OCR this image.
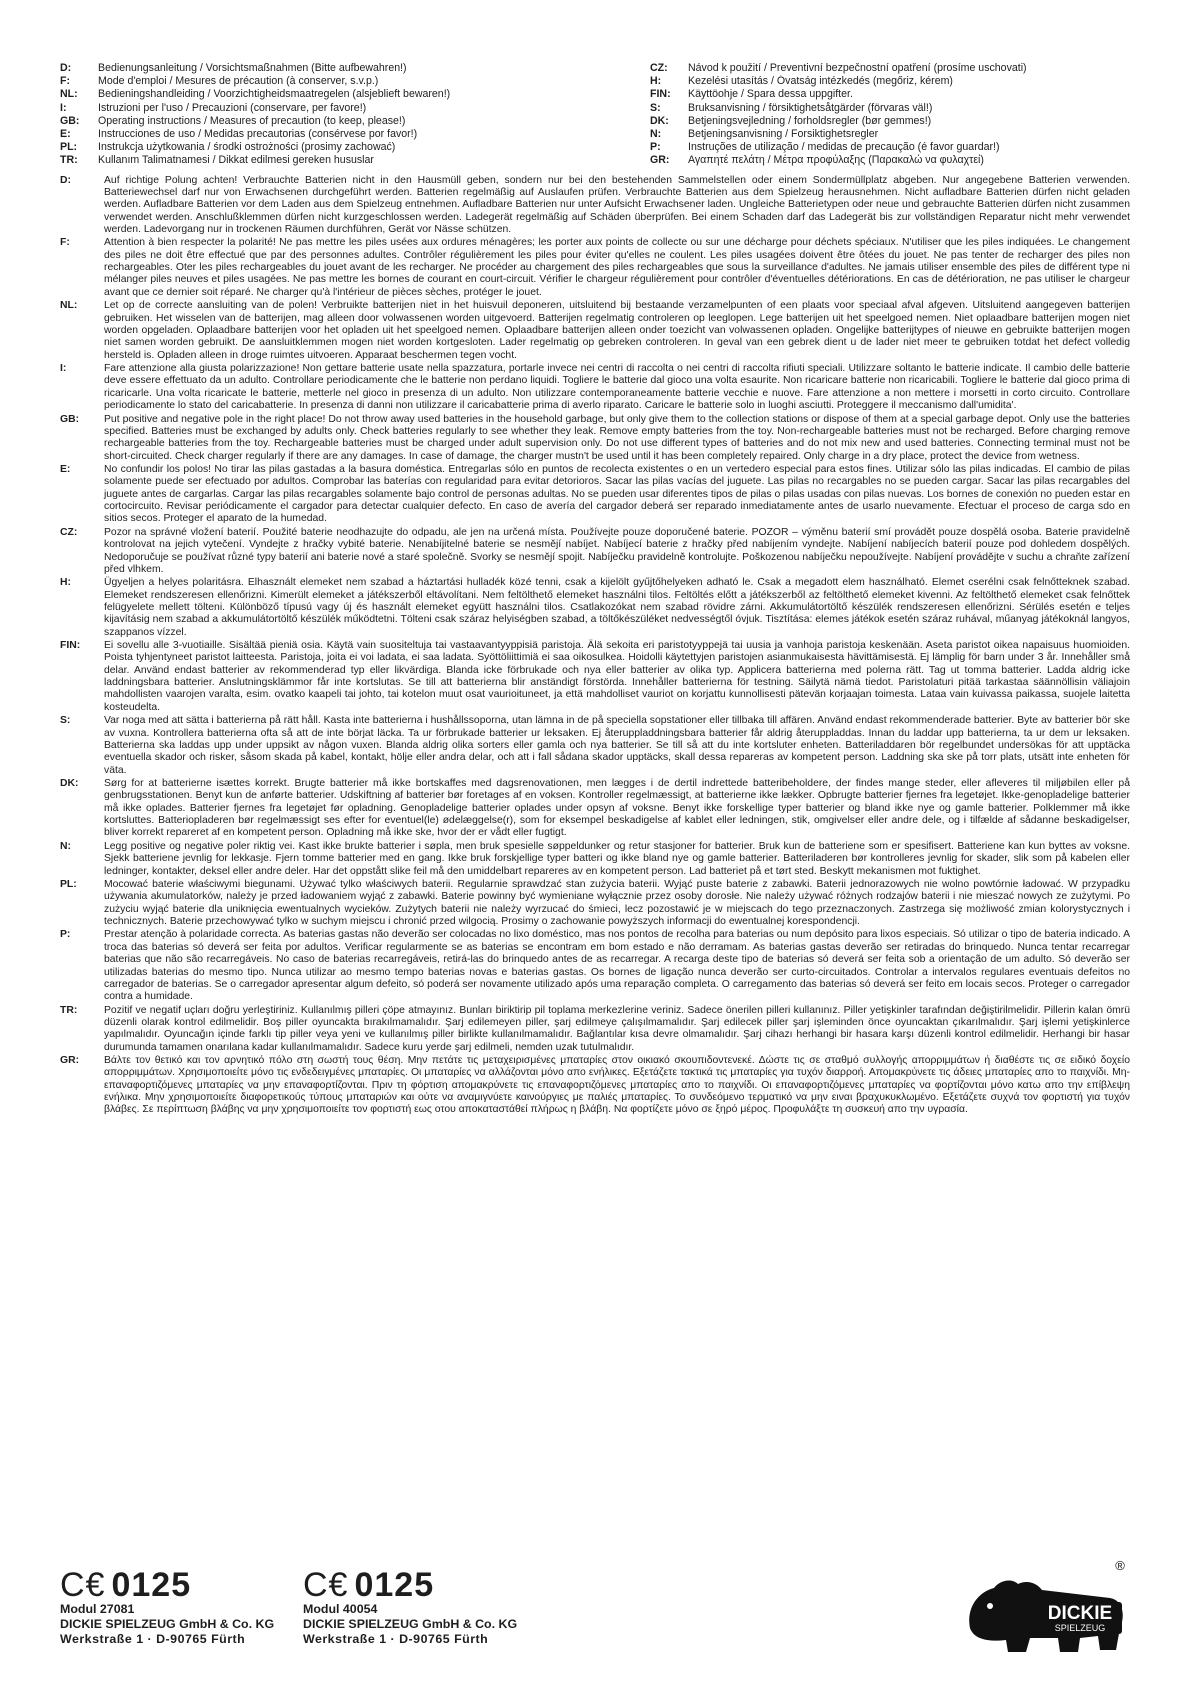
D:	Bedienungsanleitung / Vorsichtsmaßnahmen (Bitte aufbewahren!)
F:	Mode d'emploi / Mesures de précaution (à conserver, s.v.p.)
NL:	Bedieningshandleiding / Voorzichtigheidsmaatregelen (alsjeblieft bewaren!)
I:	Istruzioni per l'uso / Precauzioni (conservare, per favore!)
GB:	Operating instructions / Measures of precaution (to keep, please!)
E:	Instrucciones de uso / Medidas precautorias (consérvese por favor!)
PL:	Instrukcja użytkowania / środki ostrożności (prosimy zachować)
TR:	Kullanım Talimatnamesi / Dikkat edilmesi gereken hususlar
CZ:	Návod k použití / Preventivní bezpečnostní opatření (prosíme uschovati)
H:	Kezelési utasítás / Óvatság intézkedés (megőriz, kérem)
FIN:	Käyttöohje / Spara dessa uppgifter.
S:	Bruksanvisning / försiktighetsåtgärder (förvaras väl!)
DK:	Betjeningsvejledning / forholdsregler (bør gemmes!)
N:	Betjeningsanvisning / Forsiktighetsregler
P:	Instruções de utilização / medidas de precaução (é favor guardar!)
GR:	Αγαπητέ πελάτη / Μέτρα προφύλαξης (Παρακαλώ να φυλαχτεί)
D:	Auf richtige Polung achten! Verbrauchte Batterien nicht in den Hausmüll geben, sondern nur bei den bestehenden Sammelstellen oder einem Sondermüllplatz abgeben. Nur angegebene Batterien verwenden. Batteriewechsel darf nur von Erwachsenen durchgeführt werden. Batterien regelmäßig auf Auslaufen prüfen. Verbrauchte Batterien aus dem Spielzeug herausnehmen. Nicht aufladbare Batterien dürfen nicht geladen werden. Aufladbare Batterien vor dem Laden aus dem Spielzeug entnehmen. Aufladbare Batterien nur unter Aufsicht Erwachsener laden. Ungleiche Batterietypen oder neue und gebrauchte Batterien dürfen nicht zusammen verwendet werden. Anschlußklemmen dürfen nicht kurzgeschlossen werden. Ladegerät regelmäßig auf Schäden überprüfen. Bei einem Schaden darf das Ladegerät bis zur vollständigen Reparatur nicht mehr verwendet werden. Ladevorgang nur in trockenen Räumen durchführen, Gerät vor Nässe schützen.
F:	Attention à bien respecter la polarité! Ne pas mettre les piles usées aux ordures ménagères; les porter aux points de collecte ou sur une décharge pour déchets spéciaux. N'utiliser que les piles indiquées. Le changement des piles ne doit être effectué que par des personnes adultes. Contrôler régulièrement les piles pour éviter qu'elles ne coulent. Les piles usagées doivent être ôtées du jouet. Ne pas tenter de recharger des piles non rechargeables. Oter les piles rechargeables du jouet avant de les recharger. Ne procéder au chargement des piles rechargeables que sous la surveillance d'adultes. Ne jamais utiliser ensemble des piles de différent type ni mélanger piles neuves et piles usagées. Ne pas mettre les bornes de courant en court-circuit. Vérifier le chargeur régulièrement pour contrôler d'éventuelles détériorations. En cas de détérioration, ne pas utiliser le chargeur avant que ce dernier soit réparé. Ne charger qu'à l'intérieur de pièces sèches, protéger le jouet.
NL:	Let op de correcte aansluiting van de polen! Verbruikte batterijen niet in het huisvuil deponeren, uitsluitend bij bestaande verzamelpunten of een plaats voor speciaal afval afgeven. Uitsluitend aangegeven batterijen gebruiken. Het wisselen van de batterijen, mag alleen door volwassenen worden uitgevoerd. Batterijen regelmatig controleren op leeglopen. Lege batterijen uit het speelgoed nemen. Niet oplaadbare batterijen mogen niet worden opgeladen. Oplaadbare batterijen voor het opladen uit het speelgoed nemen. Oplaadbare batterijen alleen onder toezicht van volwassenen opladen. Ongelijke batterijtypes of nieuwe en gebruikte batterijen mogen niet samen worden gebruikt. De aansluitklemmen mogen niet worden kortgesloten. Lader regelmatig op gebreken controleren. In geval van een gebrek dient u de lader niet meer te gebruiken totdat het defect volledig hersteld is. Opladen alleen in droge ruimtes uitvoeren. Apparaat beschermen tegen vocht.
I:	Fare attenzione alla giusta polarizzazione! Non gettare batterie usate nella spazzatura, portarle invece nei centri di raccolta o nei centri di raccolta rifiuti speciali. Utilizzare soltanto le batterie indicate. Il cambio delle batterie deve essere effettuato da un adulto. Controllare periodicamente che le batterie non perdano liquidi. Togliere le batterie dal gioco una volta esaurite. Non ricaricare batterie non ricaricabili. Togliere le batterie dal gioco prima di ricaricarle. Una volta ricaricate le batterie, metterle nel gioco in presenza di un adulto. Non utilizzare contemporaneamente batterie vecchie e nuove. Fare attenzione a non mettere i morsetti in corto circuito. Controllare periodicamente lo stato del caricabatterie. In presenza di danni non utilizzare il caricabatterie prima di averlo riparato. Caricare le batterie solo in luoghi asciutti. Proteggere il meccanismo dall'umidita'.
GB:	Put positive and negative pole in the right place! Do not throw away used batteries in the household garbage, but only give them to the collection stations or dispose of them at a special garbage depot. Only use the batteries specified. Batteries must be exchanged by adults only. Check batteries regularly to see whether they leak. Remove empty batteries from the toy. Non-rechargeable batteries must not be recharged. Before charging remove rechargeable batteries from the toy. Rechargeable batteries must be charged under adult supervision only. Do not use different types of batteries and do not mix new and used batteries. Connecting terminal must not be short-circuited. Check charger regularly if there are any damages. In case of damage, the charger mustn't be used until it has been completely repaired. Only charge in a dry place, protect the device from wetness.
E:	No confundir los polos! No tirar las pilas gastadas a la basura doméstica. Entregarlas sólo en puntos de recolecta existentes o en un vertedero especial para estos fines. Utilizar sólo las pilas indicadas. El cambio de pilas solamente puede ser efectuado por adultos. Comprobar las baterías con regularidad para evitar detorioros. Sacar las pilas vacías del juguete. Las pilas no recargables no se pueden cargar. Sacar las pilas recargables del juguete antes de cargarlas. Cargar las pilas recargables solamente bajo control de personas adultas. No se pueden usar diferentes tipos de pilas o pilas usadas con pilas nuevas. Los bornes de conexión no pueden estar en cortocircuito. Revisar periódicamente el cargador para detectar cualquier defecto. En caso de avería del cargador deberá ser reparado inmediatamente antes de usarlo nuevamente. Efectuar el proceso de carga sdo en sitios secos. Proteger el aparato de la humedad.
CZ:	Pozor na správné vložení baterií. Použité baterie neodhazujte do odpadu, ale jen na určená místa. Používejte pouze doporučené baterie. POZOR – výměnu baterií smí provádět pouze dospělá osoba. Baterie pravidelně kontrolovat na jejich vytečení. Vyndejte z hračky vybité baterie. Nenabíjitelné baterie se nesmějí nabíjet. Nabíjecí baterie z hračky před nabíjením vyndejte. Nabíjení nabíjecích baterií pouze pod dohledem dospělých. Nedoporučuje se používat různé typy baterií ani baterie nové a staré společně. Svorky se nesmějí spojit. Nabíječku pravidelně kontrolujte. Poškozenou nabíječku nepoužívejte. Nabíjení provádějte v suchu a chraňte zařízení před vlhkem.
H:	Ügyeljen a helyes polaritásra. Elhasznált elemeket nem szabad a háztartási hulladék közé tenni, csak a kijelölt gyűjtőhelyeken adható le. Csak a megadott elem használható. Elemet cserélni csak felnőtteknek szabad. Elemeket rendszeresen ellenőrizni. Kimerült elemeket a játékszerből eltávolítani. Nem feltölthető elemeket használni tilos. Feltöltés előtt a játékszerből az feltölthető elemeket kivenni. Az feltölthető elemeket csak felnőttek felügyelete mellett tölteni. Különböző típusú vagy új és használt elemeket együtt használni tilos. Csatlakozókat nem szabad rövidre zárni. Akkumulátortöltő készülék rendszeresen ellenőrizni. Sérülés esetén e teljes kijavításig nem szabad a akkumulátortöltő készülék működtetni. Tölteni csak száraz helyiségben szabad, a töltőkészüléket nedvességtől óvjuk. Tisztítása: elemes játékok esetén száraz ruhával, műanyag játékoknál langyos, szappanos vízzel.
FIN:	Ei sovellu alle 3-vuotiaille. Sisältää pieniä osia. Käytä vain suositeltuja tai vastaavantyyppisiä paristoja. Älä sekoita eri paristotyyppejä tai uusia ja vanhoja paristoja keskenään. Aseta paristot oikea napaisuus huomioiden. Poista tyhjentyneet paristot laitteesta. Paristoja, joita ei voi ladata, ei saa ladata. Syöttöliittimiä ei saa oikosulkea. Hoidolli käytettyjen paristojen asianmukaisesta hävittämisestä. Ej lämplig för barn under 3 år. Innehåller små delar. Använd endast batterier av rekommenderad typ eller likvärdiga. Blanda icke förbrukade och nya eller batterier av olika typ. Applicera batterierna med polerna rätt. Tag ut tomma batterier. Ladda aldrig icke laddningsbara batterier. Anslutningsklämmor får inte kortslutas. Se till att batterierna blir anständigt förstörda. Innehåller batterierna för testning. Säilytä nämä tiedot. Paristolaturi pitää tarkastaa säännöllisin väliajoin mahdollisten vaarojen varalta, esim. ovatko kaapeli tai johto, tai kotelon muut osat vaurioituneet, ja että mahdolliset vauriot on korjattu kunnollisesti pätevän korjaajan toimesta. Lataa vain kuivassa paikassa, suojele laitetta kosteudelta.
S:	Var noga med att sätta i batterierna på rätt håll. Kasta inte batterierna i hushållssoporna, utan lämna in de på speciella sopstationer eller tillbaka till affären. Använd endast rekommenderade batterier. Byte av batterier bör ske av vuxna. Kontrollera batterierna ofta så att de inte börjat läcka. Ta ur förbrukade batterier ur leksaken. Ej återuppladdningsbara batterier får aldrig återuppladdas. Innan du laddar upp batterierna, ta ur dem ur leksaken. Batterierna ska laddas upp under uppsikt av någon vuxen. Blanda aldrig olika sorters eller gamla och nya batterier. Se till så att du inte kortsluter enheten. Batteriladdaren bör regelbundet undersökas för att upptäcka eventuella skador och risker, såsom skada på kabel, kontakt, hölje eller andra delar, och att i fall sådana skador upptäcks, skall dessa repareras av kompetent person. Laddning ska ske på torr plats, utsätt inte enheten för väta.
DK:	Sørg for at batterierne isættes korrekt. Brugte batterier må ikke bortskaffes med dagsrenovationen, men lægges i de dertil indrettede batteribeholdere, der findes mange steder, eller afleveres til miljøbilen eller på genbrugsstationen. Benyt kun de anførte batterier. Udskiftning af batterier bør foretages af en voksen. Kontroller regelmæssigt, at batterierne ikke lækker. Opbrugte batterier fjernes fra legetøjet. Ikke-genopladelige batterier må ikke oplades. Batterier fjernes fra legetøjet før opladning. Genopladelige batterier oplades under opsyn af voksne. Benyt ikke forskellige typer batterier og bland ikke nye og gamle batterier. Polklemmer må ikke kortsluttes. Batteriopladeren bør regelmæssigt ses efter for eventuel(le) ødelæggelse(r), som for eksempel beskadigelse af kablet eller ledningen, stik, omgivelser eller andre dele, og i tilfælde af sådanne beskadigelser, bliver korrekt repareret af en kompetent person. Opladning må ikke ske, hvor der er vådt eller fugtigt.
N:	Legg positive og negative poler riktig vei. Kast ikke brukte batterier i søpla, men bruk spesielle søppeldunker og retur stasjoner for batterier. Bruk kun de batteriene som er spesifisert. Batteriene kan kun byttes av voksne. Sjekk batteriene jevnlig for lekkasje. Fjern tomme batterier med en gang. Ikke bruk forskjellige typer batteri og ikke bland nye og gamle batterier. Batteriladeren bør kontrolleres jevnlig for skader, slik som på kabelen eller ledninger, kontakter, deksel eller andre deler. Har det oppstått slike feil må den umiddelbart repareres av en kompetent person. Lad batteriet på et tørt sted. Beskytt mekanismen mot fuktighet.
PL:	Mocować baterie właściwymi biegunami. Używać tylko właściwych baterii. Regularnie sprawdzać stan zużycia baterii. Wyjąć puste baterie z zabawki. Baterii jednorazowych nie wolno powtórnie ładować. W przypadku używania akumulatorków, należy je przed ładowaniem wyjąć z zabawki. Baterie powinny być wymieniane wyłącznie przez osoby dorosłe. Nie należy używać różnych rodzajów baterii i nie mieszać nowych ze zużytymi. Po zużyciu wyjąć baterie dla uniknięcia ewentualnych wycieków. Zużytych baterii nie należy wyrzucać do śmieci, lecz pozostawić je w miejscach do tego przeznaczonych. Zastrzega się możliwość zmian kolorystycznych i technicznych. Baterie przechowywać tylko w suchym miejscu i chronić przed wilgocią. Prosimy o zachowanie powyższych informacji do ewentualnej korespondencji.
P:	Prestar atenção à polaridade correcta. As baterias gastas não deverão ser colocadas no lixo doméstico, mas nos pontos de recolha para baterias ou num depósito para lixos especiais. Só utilizar o tipo de bateria indicado. A troca das baterias só deverá ser feita por adultos. Verificar regularmente se as baterias se encontram em bom estado e não derramam. As baterias gastas deverão ser retiradas do brinquedo. Nunca tentar recarregar baterias que não são recarregáveis. No caso de baterias recarregáveis, retirá-las do brinquedo antes de as recarregar. A recarga deste tipo de baterias só deverá ser feita sob a orientação de um adulto. Só deverão ser utilizadas baterias do mesmo tipo. Nunca utilizar ao mesmo tempo baterias novas e baterias gastas. Os bornes de ligação nunca deverão ser curto-circuitados. Controlar a intervalos regulares eventuais defeitos no carregador de baterias. Se o carregador apresentar algum defeito, só poderá ser novamente utilizado após uma reparação completa. O carregamento das baterias só deverá ser feito em locais secos. Proteger o carregador contra a humidade.
TR:	Pozitif ve negatif uçları doğru yerleştiriniz. Kullanılmış pilleri çöpe atmayınız. Bunları biriktirip pil toplama merkezlerine veriniz. Sadece önerilen pilleri kullanınız. Piller yetişkinler tarafından değiştirilmelidir. Pillerin kalan ömrü düzenli olarak kontrol edilmelidir. Boş piller oyuncakta bırakılmamalıdır. Şarj edilemeyen piller, şarj edilmeye çalışılmamalıdır. Şarj edilecek piller şarj işleminden önce oyuncaktan çıkarılmalıdır. Şarj işlemi yetişkinlerce yapılmalıdır. Oyuncağın içinde farklı tip piller veya yeni ve kullanılmış piller birlikte kullanılmamalıdır. Bağlantılar kısa devre olmamalıdır. Şarj cihazı herhangi bir hasara karşı düzenli kontrol edilmelidir. Herhangi bir hasar durumunda tamamen onarılana kadar kullanılmamalıdır. Sadece kuru yerde şarj edilmeli, nemden uzak tutulmalıdır.
GR:	Βάλτε τον θετικό και τον αρνητικό πόλο στη σωστή τους θέση. Μην πετάτε τις μεταχειρισμένες μπαταρίες στον οικιακό σκουπιδοντενεκέ. Δώστε τις σε σταθμό συλλογής απορριμμάτων ή διαθέστε τις σε ειδικό δοχείο απορριμμάτων. Χρησιμοποιείτε μόνο τις ενδεδειγμένες μπαταρίες. Οι μπαταρίες να αλλάζονται μόνο απο ενήλικες. Εξετάζετε τακτικά τις μπαταρίες για τυχόν διαρροή. Απομακρύνετε τις άδειες μπαταρίες απο το παιχνίδι. Μη-επαναφορτιζόμενες μπαταρίες να μην επαναφορτίζονται. Πριν τη φόρτιση απομακρύνετε τις επαναφορτιζόμενες μπαταρίες απο το παιχνίδι. Οι επαναφορτιζόμενες μπαταρίες να φορτίζονται μόνο κατω απο την επίβλεψη ενήλικα. Μην χρησιμοποιείτε διαφορετικούς τύπους μπαταριών και ούτε να αναμιγνύετε καινούργιες με παλιές μπαταρίες. Το συνδεόμενο τερματικό να μην ειναι βραχυκυκλωμένο. Εξετάζετε συχνά τον φορτιστή για τυχόν βλάβες. Σε περίπτωση βλάβης να μην χρησιμοποιείτε τον φορτιστή εως οτου αποκαταστάθεί πλήρως η βλάβη. Να φορτίζετε μόνο σε ξηρό μέρος. Προφυλάξτε τη συσκευή απο την υγρασία.
C€ 0125
Modul 27081
DICKIE SPIELZEUG GmbH & Co. KG
Werkstraße 1 · D-90765 Fürth
C€ 0125
Modul 40054
DICKIE SPIELZEUG GmbH & Co. KG
Werkstraße 1 · D-90765 Fürth
DICKIE
SPIELZEUG
®
